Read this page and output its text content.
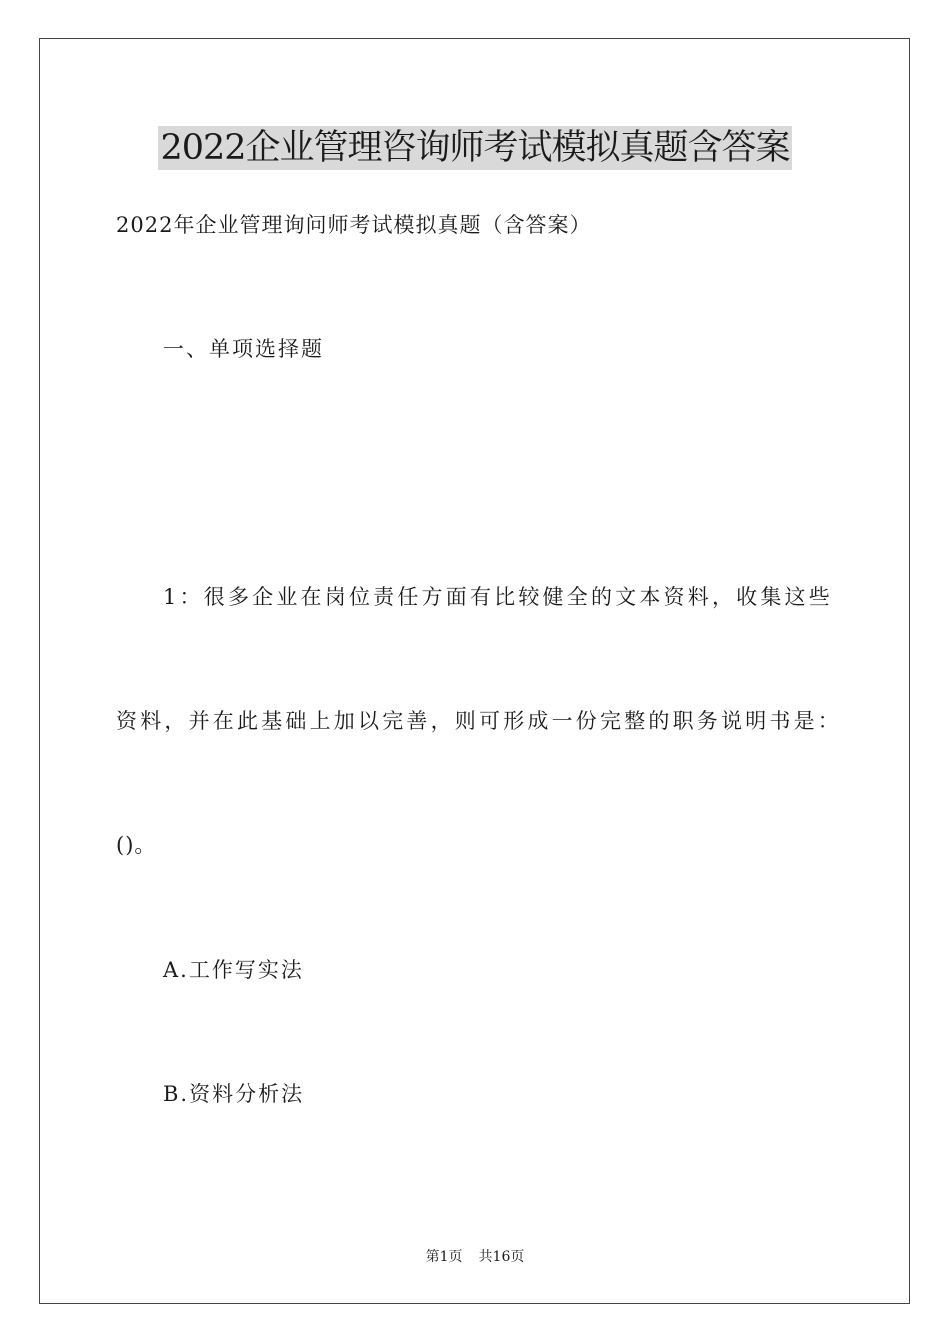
2022企业管理咨询师考试模拟真题含答案
2022年企业管理询问师考试模拟真题（含答案）
一、单项选择题
1：很多企业在岗位责任方面有比较健全的文本资料，收集这些
资料，并在此基础上加以完善，则可形成一份完整的职务说明书是：
()。
A.工作写实法
B.资料分析法
第1页 共16页
